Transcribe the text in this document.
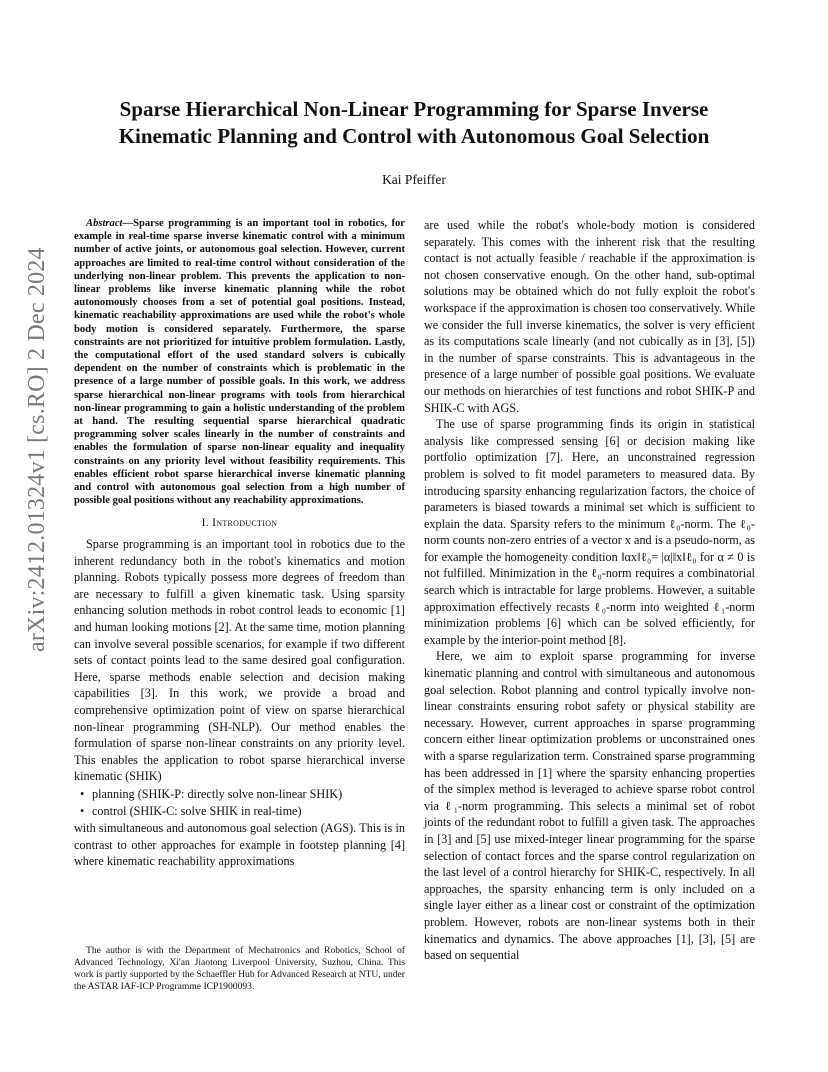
arXiv:2412.01324v1 [cs.RO] 2 Dec 2024
Sparse Hierarchical Non-Linear Programming for Sparse Inverse Kinematic Planning and Control with Autonomous Goal Selection
Kai Pfeiffer
Abstract—Sparse programming is an important tool in robotics, for example in real-time sparse inverse kinematic control with a minimum number of active joints, or autonomous goal selection. However, current approaches are limited to real-time control without consideration of the underlying non-linear problem. This prevents the application to non-linear problems like inverse kinematic planning while the robot autonomously chooses from a set of potential goal positions. Instead, kinematic reachability approximations are used while the robot's whole body motion is considered separately. Furthermore, the sparse constraints are not prioritized for intuitive problem formulation. Lastly, the computational effort of the used standard solvers is cubically dependent on the number of constraints which is problematic in the presence of a large number of possible goals. In this work, we address sparse hierarchical non-linear programs with tools from hierarchical non-linear programming to gain a holistic understanding of the problem at hand. The resulting sequential sparse hierarchical quadratic programming solver scales linearly in the number of constraints and enables the formulation of sparse non-linear equality and inequality constraints on any priority level without feasibility requirements. This enables efficient robot sparse hierarchical inverse kinematic planning and control with autonomous goal selection from a high number of possible goal positions without any reachability approximations.
I. Introduction

Sparse programming is an important tool in robotics due to the inherent redundancy both in the robot's kinematics and motion planning. Robots typically possess more degrees of freedom than are necessary to fulfill a given kinematic task. Using sparsity enhancing solution methods in robot control leads to economic [1] and human looking motions [2]. At the same time, motion planning can involve several possible scenarios, for example if two different sets of contact points lead to the same desired goal configuration. Here, sparse methods enable selection and decision making capabilities [3]. In this work, we provide a broad and comprehensive optimization point of view on sparse hierarchical non-linear programming (SH-NLP). Our method enables the formulation of sparse non-linear constraints on any priority level. This enables the application to robot sparse hierarchical inverse kinematic (SHIK)

• planning (SHIK-P: directly solve non-linear SHIK)
• control (SHIK-C: solve SHIK in real-time)

with simultaneous and autonomous goal selection (AGS). This is in contrast to other approaches for example in footstep planning [4] where kinematic reachability approximations

The author is with the Department of Mechatronics and Robotics, School of Advanced Technology, Xi'an Jiaotong Liverpool University, Suzhou, China. This work is partly supported by the Schaeffler Hub for Advanced Research at NTU, under the ASTAR IAF-ICP Programme ICP1900093.

are used while the robot's whole-body motion is considered separately. This comes with the inherent risk that the resulting contact is not actually feasible / reachable if the approximation is not chosen conservative enough. On the other hand, sub-optimal solutions may be obtained which do not fully exploit the robot's workspace if the approximation is chosen too conservatively. While we consider the full inverse kinematics, the solver is very efficient as its computations scale linearly (and not cubically as in [3], [5]) in the number of sparse constraints. This is advantageous in the presence of a large number of possible goal positions. We evaluate our methods on hierarchies of test functions and robot SHIK-P and SHIK-C with AGS.

The use of sparse programming finds its origin in statistical analysis like compressed sensing [6] or decision making like portfolio optimization [7]. Here, an unconstrained regression problem is solved to fit model parameters to measured data. By introducing sparsity enhancing regularization factors, the choice of parameters is biased towards a minimal set which is sufficient to explain the data. Sparsity refers to the minimum ℓ₀-norm. The ℓ₀-norm counts non-zero entries of a vector x and is a pseudo-norm, as for example the homogeneity condition ‖αx‖ℓ₀= |α|‖x‖ℓ₀ for α ≠ 0 is not fulfilled. Minimization in the ℓ₀-norm requires a combinatorial search which is intractable for large problems. However, a suitable approximation effectively recasts ℓ₀-norm into weighted ℓ₁-norm minimization problems [6] which can be solved efficiently, for example by the interior-point method [8].

Here, we aim to exploit sparse programming for inverse kinematic planning and control with simultaneous and autonomous goal selection. Robot planning and control typically involve non-linear constraints ensuring robot safety or physical stability are necessary. However, current approaches in sparse programming concern either linear optimization problems or unconstrained ones with a sparse regularization term. Constrained sparse programming has been addressed in [1] where the sparsity enhancing properties of the simplex method is leveraged to achieve sparse robot control via ℓ₁-norm programming. This selects a minimal set of robot joints of the redundant robot to fulfill a given task. The approaches in [3] and [5] use mixed-integer linear programming for the sparse selection of contact forces and the sparse control regularization on the last level of a control hierarchy for SHIK-C, respectively. In all approaches, the sparsity enhancing term is only included on a single layer either as a linear cost or constraint of the optimization problem. However, robots are non-linear systems both in their kinematics and dynamics. The above approaches [1], [3], [5] are based on sequential
